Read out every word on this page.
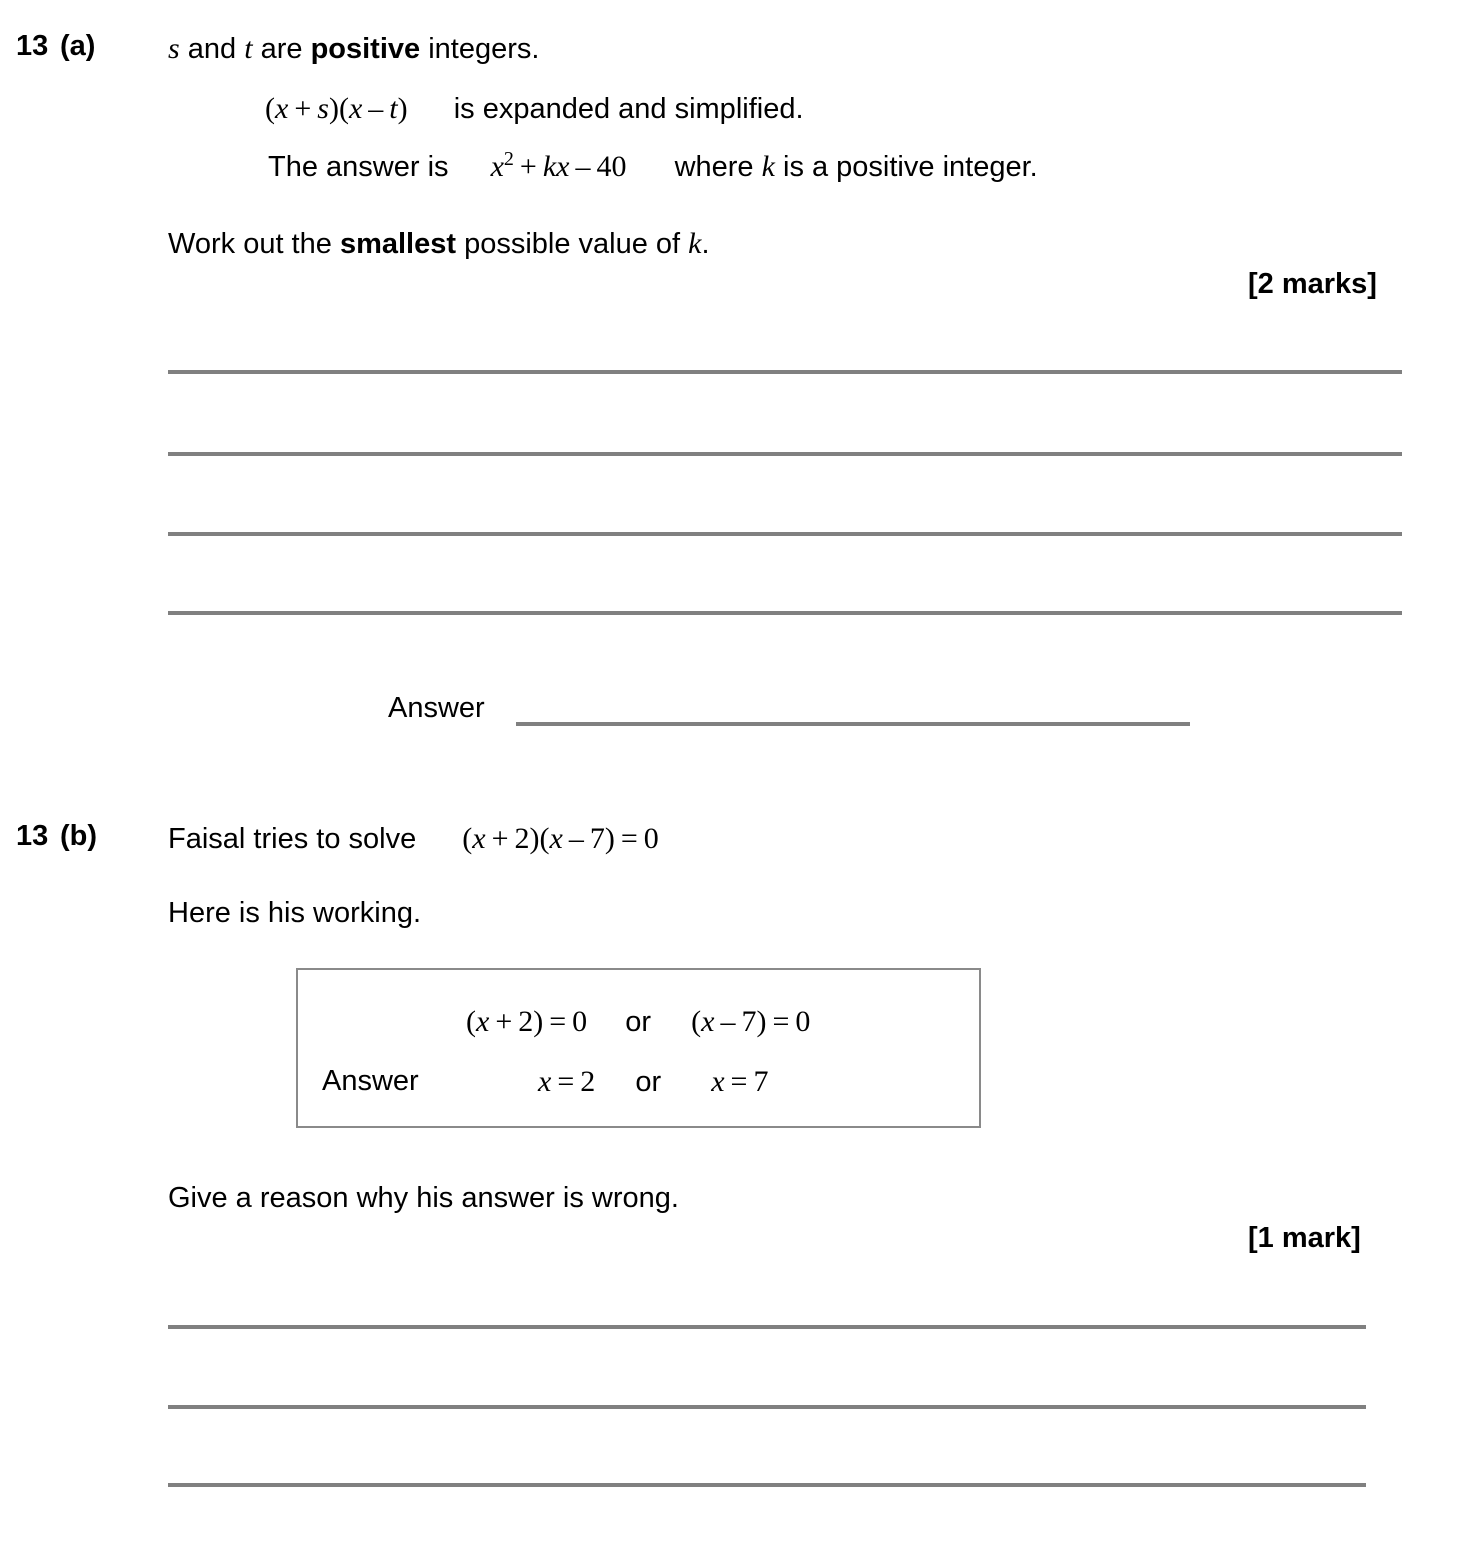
13 (a) s and t are positive integers.
(x + s)(x – t) is expanded and simplified.
The answer is $x^2$ + kx – 40 where k is a positive integer.
Work out the smallest possible value of k.
[2 marks]
Answer
13 (b) Faisal tries to solve (x + 2)(x – 7) = 0
Here is his working.
(x + 2) = 0 or (x – 7) = 0
Answer	x = 2 or x = 7
Give a reason why his answer is wrong.
[1 mark]
